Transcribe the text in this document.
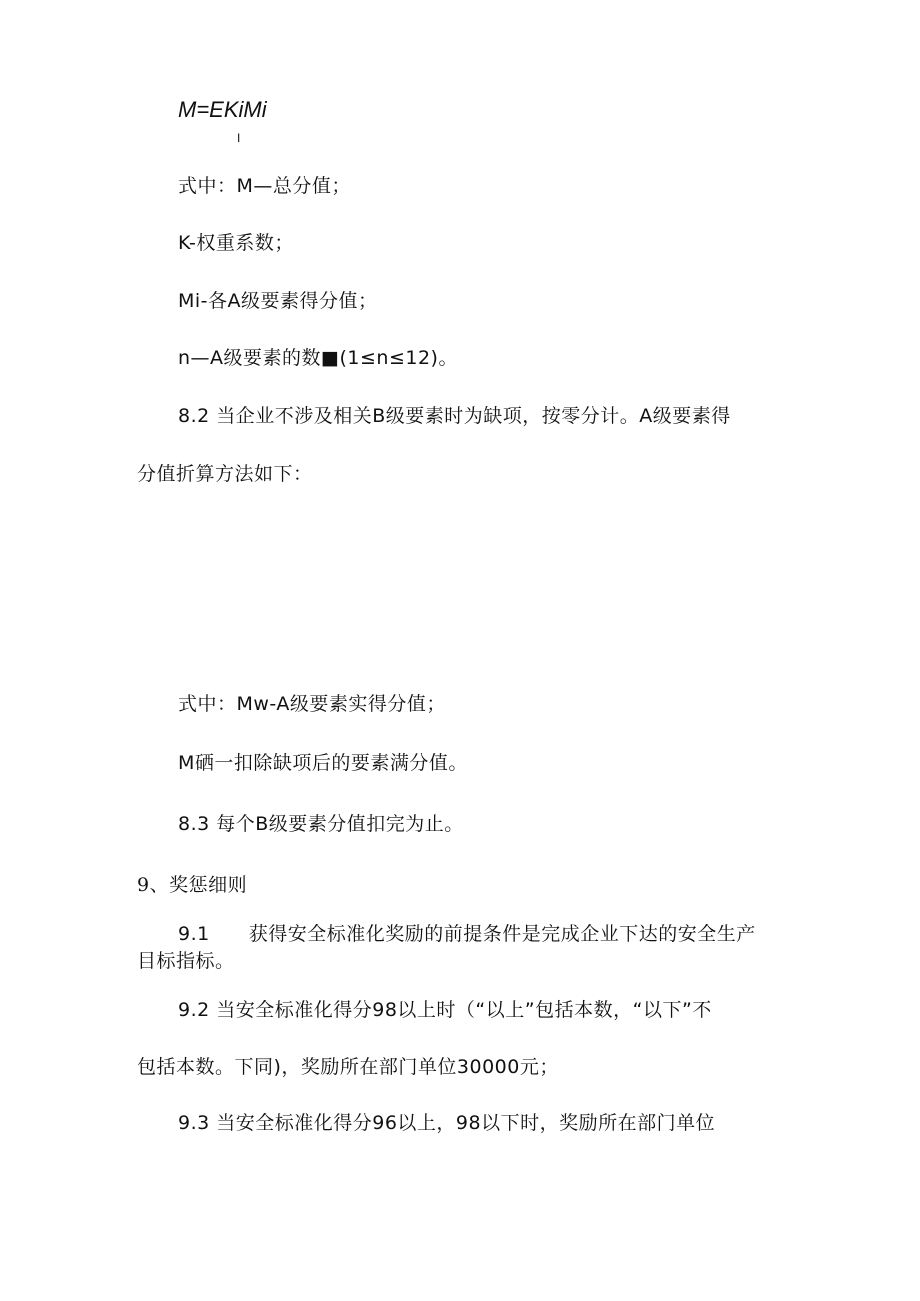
M=EKiMi
I
式中：M—总分值；
K-权重系数；
Mi-各A级要素得分值；
n—A级要素的数■(1≤n≤12)。
8.2 当企业不涉及相关B级要素时为缺项，按零分计。A级要素得
分值折算方法如下：
式中：Mw-A级要素实得分值；
M硒一扣除缺项后的要素满分值。
8.3 每个B级要素分值扣完为止。
9、奖惩细则
9.1　　获得安全标准化奖励的前提条件是完成企业下达的安全生产
目标指标。
9.2 当安全标准化得分98以上时（“以上”包括本数，“以下”不
包括本数。下同)，奖励所在部门单位30000元；
9.3 当安全标准化得分96以上，98以下时，奖励所在部门单位
